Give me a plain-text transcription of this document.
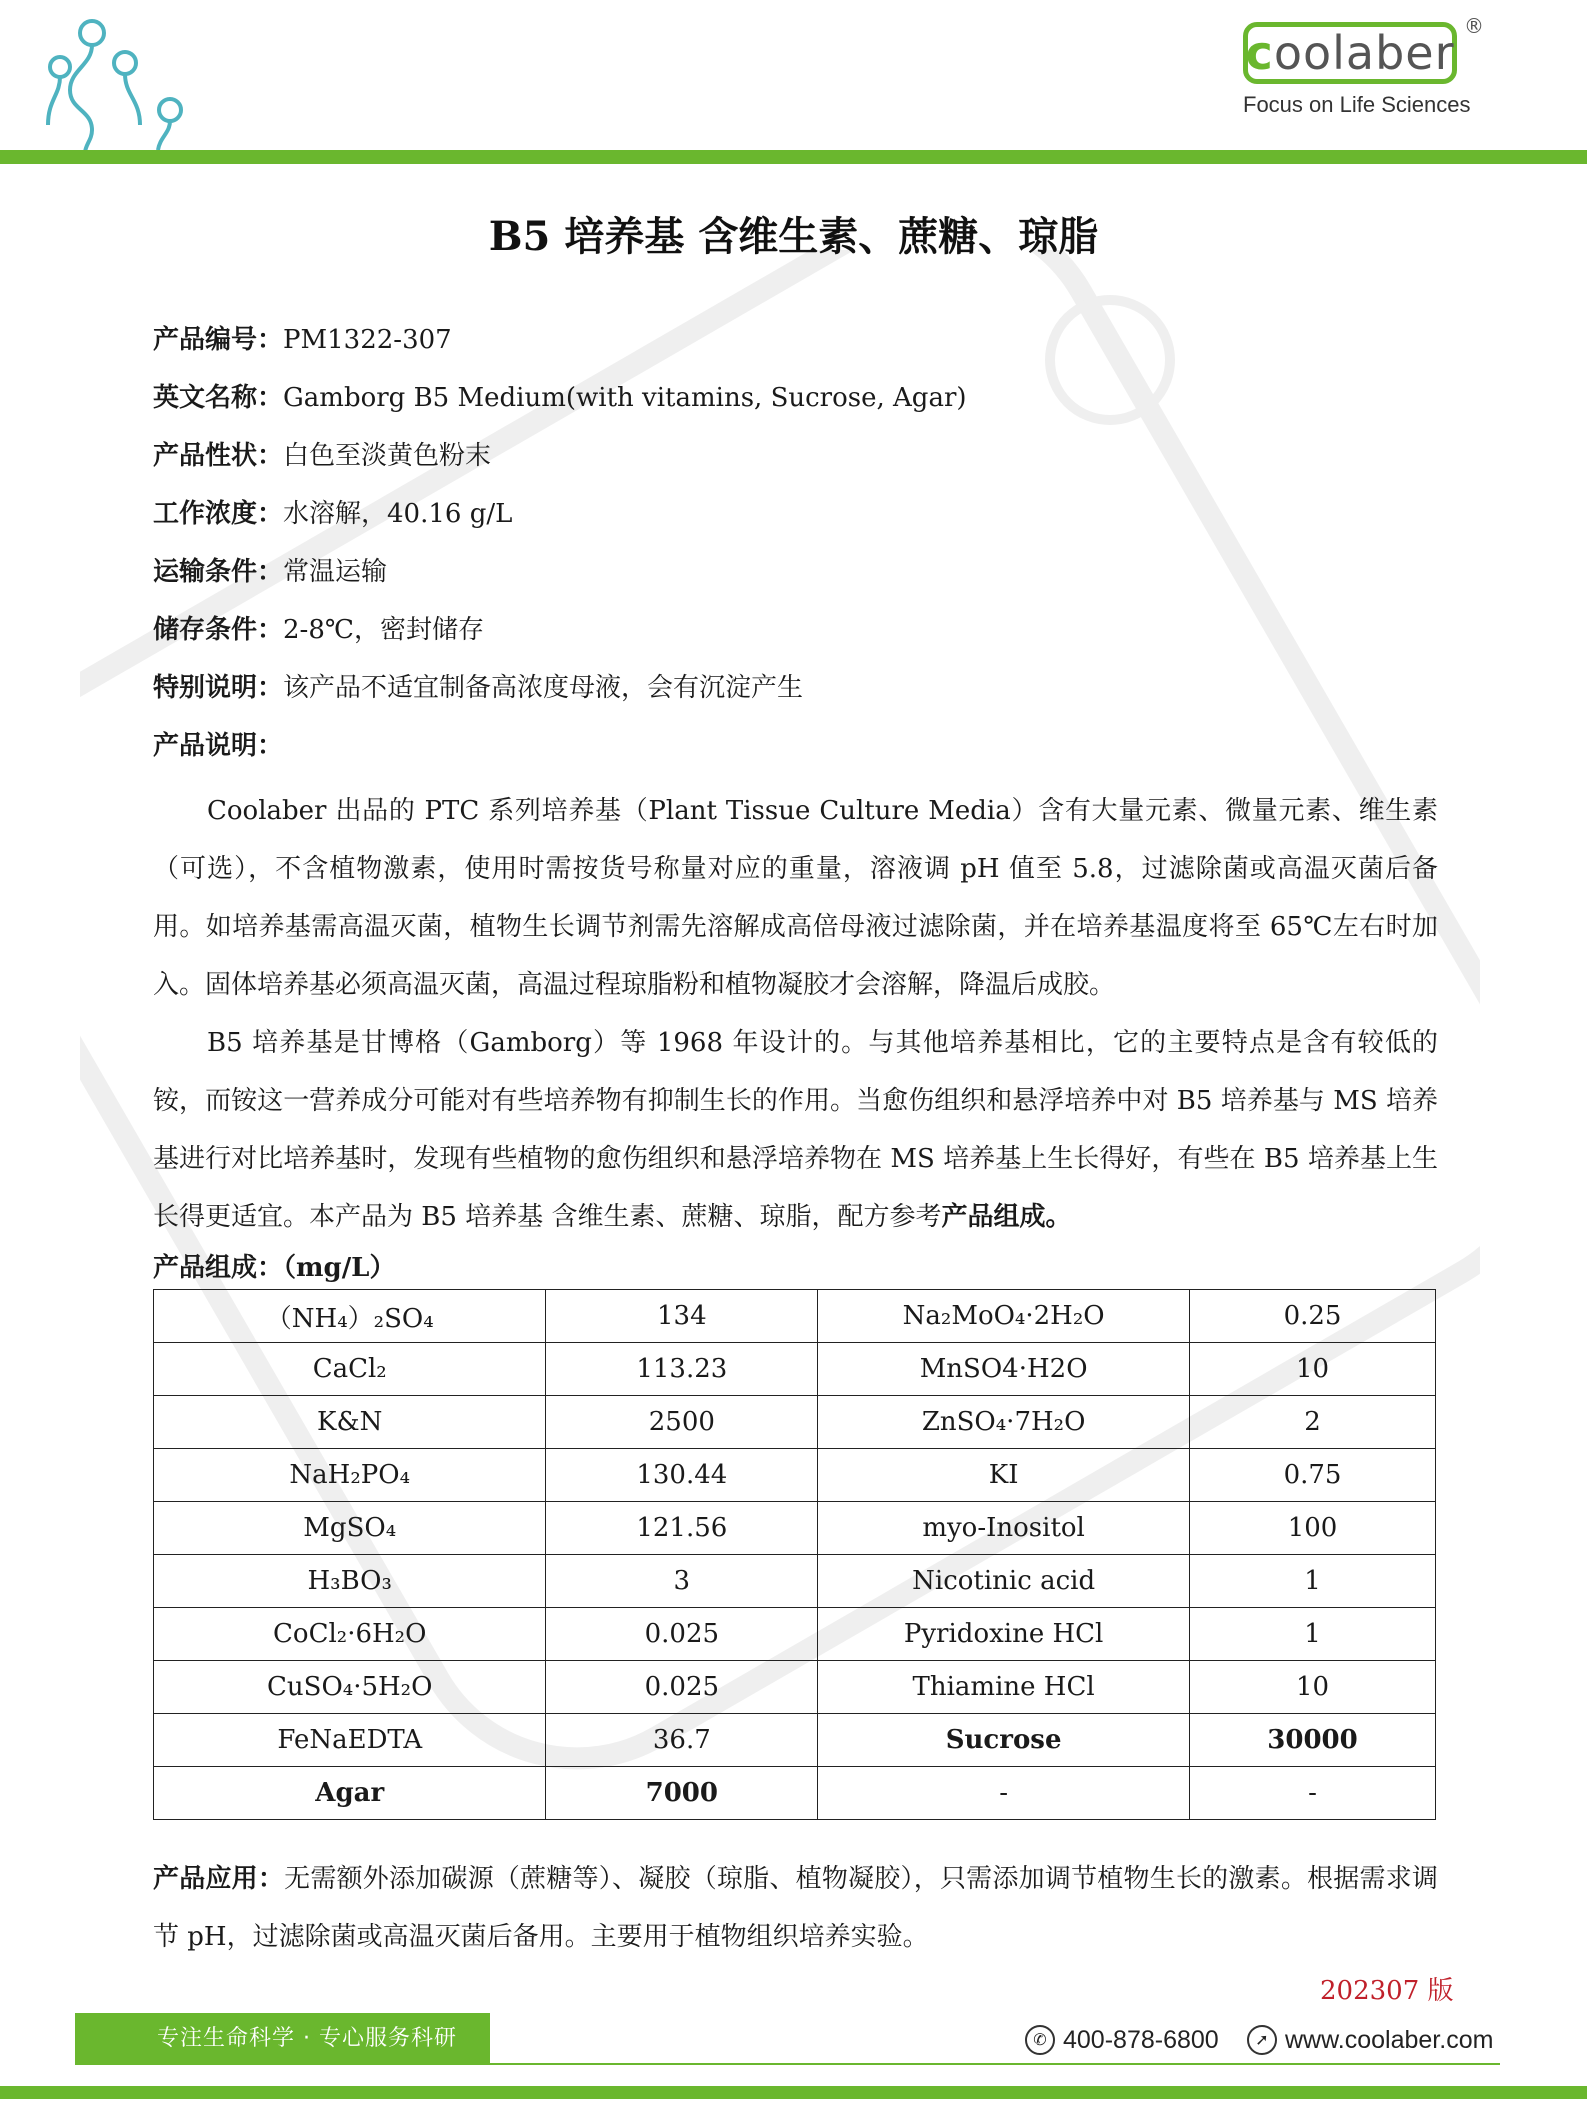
c oolaber ®
Focus on Life Sciences
B5 培养基 含维生素、蔗糖、琼脂
产品编号：PM1322-307
英文名称：Gamborg B5 Medium(with vitamins, Sucrose, Agar)
产品性状：白色至淡黄色粉末
工作浓度：水溶解，40.16 g/L
运输条件：常温运输
储存条件：2-8℃，密封储存
特别说明：该产品不适宜制备高浓度母液，会有沉淀产生
产品说明：

Coolaber 出品的 PTC 系列培养基（Plant Tissue Culture Media）含有大量元素、微量元素、维生素（可选），不含植物激素，使用时需按货号称量对应的重量，溶液调 pH 值至 5.8，过滤除菌或高温灭菌后备用。如培养基需高温灭菌，植物生长调节剂需先溶解成高倍母液过滤除菌，并在培养基温度将至 65℃左右时加入。固体培养基必须高温灭菌，高温过程琼脂粉和植物凝胶才会溶解，降温后成胶。

B5 培养基是甘博格（Gamborg）等 1968 年设计的。与其他培养基相比，它的主要特点是含有较低的铵，而铵这一营养成分可能对有些培养物有抑制生长的作用。当愈伤组织和悬浮培养中对 B5 培养基与 MS 培养基进行对比培养基时，发现有些植物的愈伤组织和悬浮培养物在 MS 培养基上生长得好，有些在 B5 培养基上生长得更适宜。本产品为 B5 培养基 含维生素、蔗糖、琼脂，配方参考产品组成。

产品组成：（mg/L）
（NH₄）₂SO₄	134	Na₂MoO₄·2H₂O	0.25
CaCl₂	113.23	MnSO4·H2O	10
K&N	2500	ZnSO₄·7H₂O	2
NaH₂PO₄	130.44	KI	0.75
MgSO₄	121.56	myo-Inositol	100
H₃BO₃	3	Nicotinic acid	1
CoCl₂·6H₂O	0.025	Pyridoxine HCl	1
CuSO₄·5H₂O	0.025	Thiamine HCl	10
FeNaEDTA	36.7	Sucrose	30000
Agar	7000	-	-

产品应用：无需额外添加碳源（蔗糖等）、凝胶（琼脂、植物凝胶），只需添加调节植物生长的激素。根据需求调节 pH，过滤除菌或高温灭菌后备用。主要用于植物组织培养实验。

202307 版
专注生命科学 · 专心服务科研	✆ 400-878-6800	➚ www.coolaber.com
